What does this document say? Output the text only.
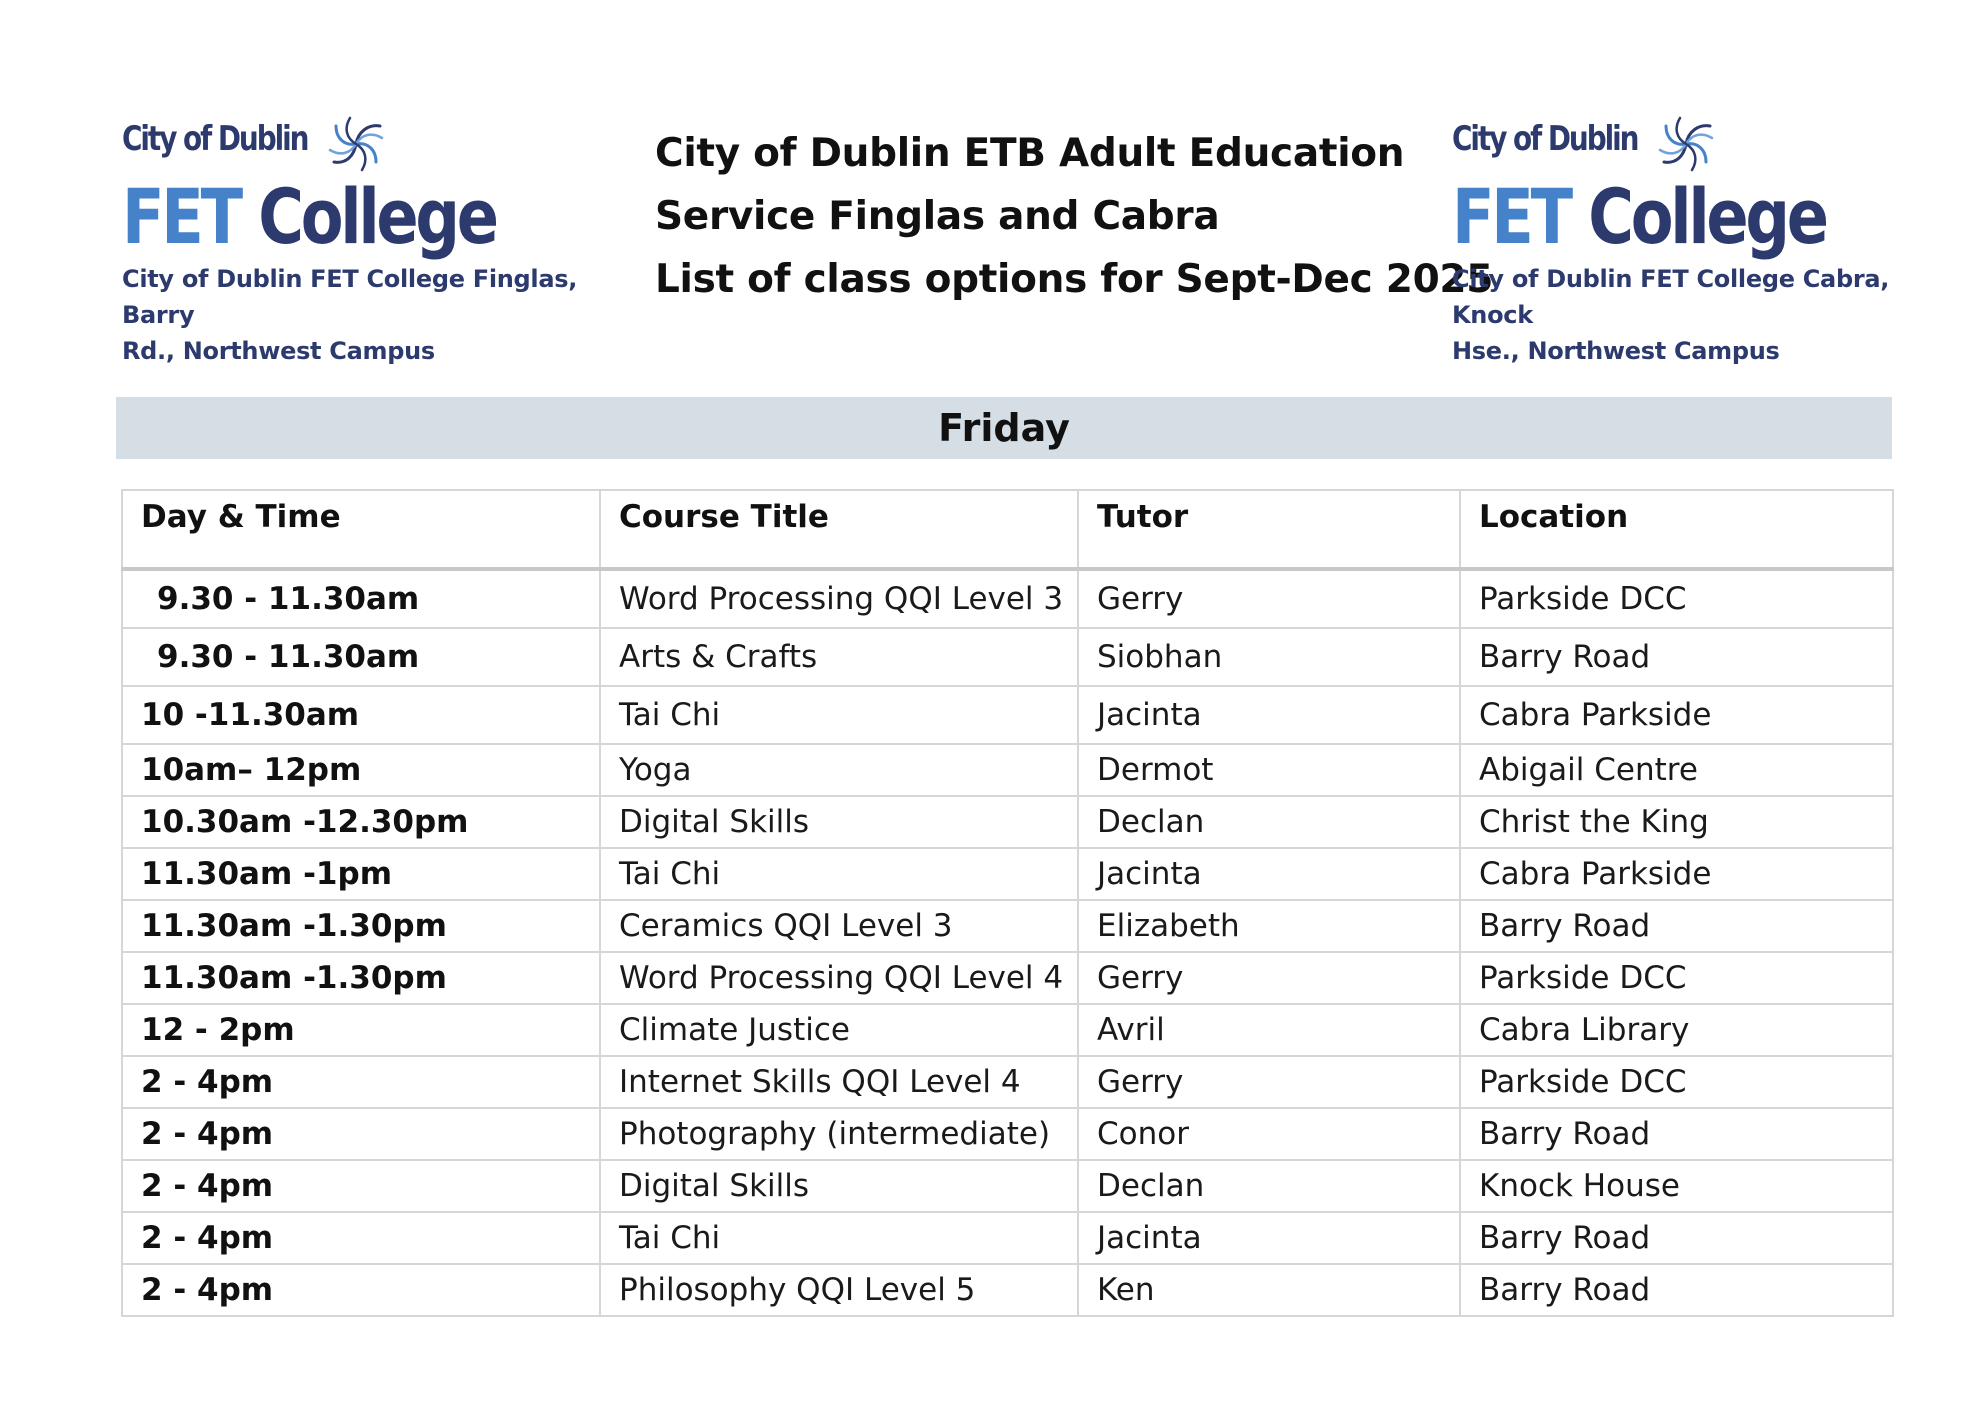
City of Dublin
FET College
City of Dublin FET College Finglas, Barry
Rd., Northwest Campus
City of Dublin ETB Adult Education
Service Finglas and Cabra
List of class options for Sept-Dec 2025
City of Dublin
FET College
City of Dublin FET College Cabra, Knock
Hse., Northwest Campus
Friday
Day & Time	Course Title	Tutor	Location
9.30 - 11.30am	Word Processing QQI Level 3	Gerry	Parkside DCC
9.30 - 11.30am	Arts & Crafts	Siobhan	Barry Road
10 -11.30am	Tai Chi	Jacinta	Cabra Parkside
10am– 12pm	Yoga	Dermot	Abigail Centre
10.30am -12.30pm	Digital Skills	Declan	Christ the King
11.30am -1pm	Tai Chi	Jacinta	Cabra Parkside
11.30am -1.30pm	Ceramics QQI Level 3	Elizabeth	Barry Road
11.30am -1.30pm	Word Processing QQI Level 4	Gerry	Parkside DCC
12 - 2pm	Climate Justice	Avril	Cabra Library
2 - 4pm	Internet Skills QQI Level 4	Gerry	Parkside DCC
2 - 4pm	Photography (intermediate)	Conor	Barry Road
2 - 4pm	Digital Skills	Declan	Knock House
2 - 4pm	Tai Chi	Jacinta	Barry Road
2 - 4pm	Philosophy QQI Level 5	Ken	Barry Road
